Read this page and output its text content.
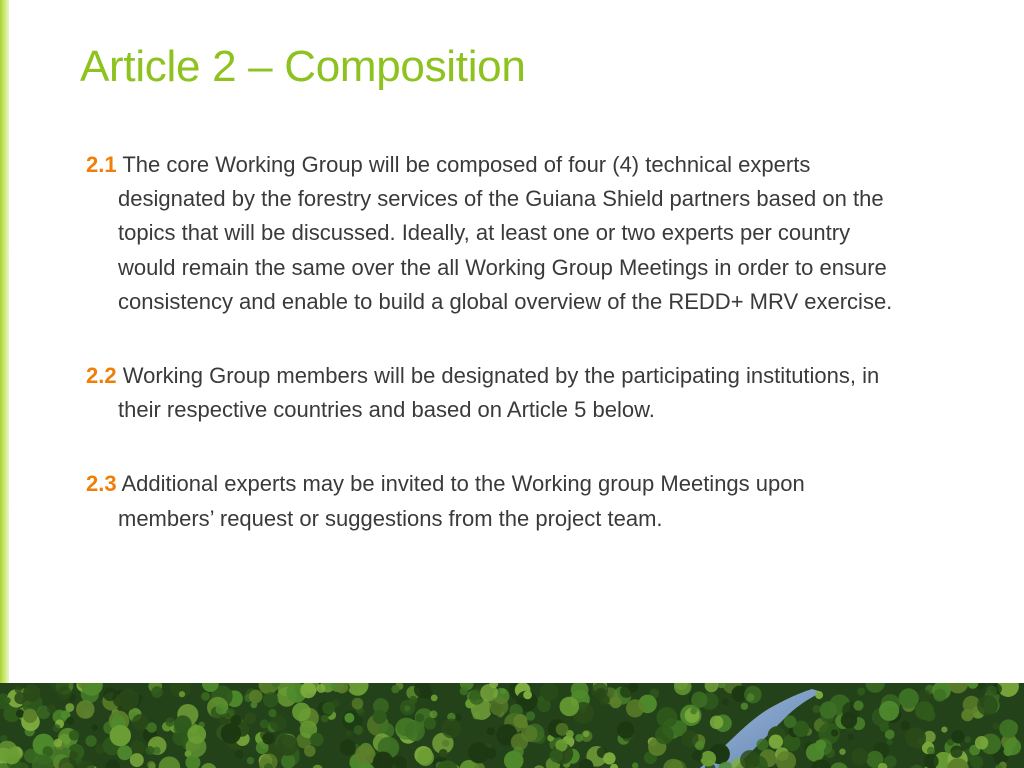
Article 2 – Composition

2.1 The core Working Group will be composed of four (4) technical experts designated by the forestry services of the Guiana Shield partners based on the topics that will be discussed. Ideally, at least one or two experts per country would remain the same over the all Working Group Meetings in order to ensure consistency and enable to build a global overview of the REDD+ MRV exercise.

2.2 Working Group members will be designated by the participating institutions, in their respective countries and based on Article 5 below.

2.3 Additional experts may be invited to the Working group Meetings upon members’ request or suggestions from the project team.
